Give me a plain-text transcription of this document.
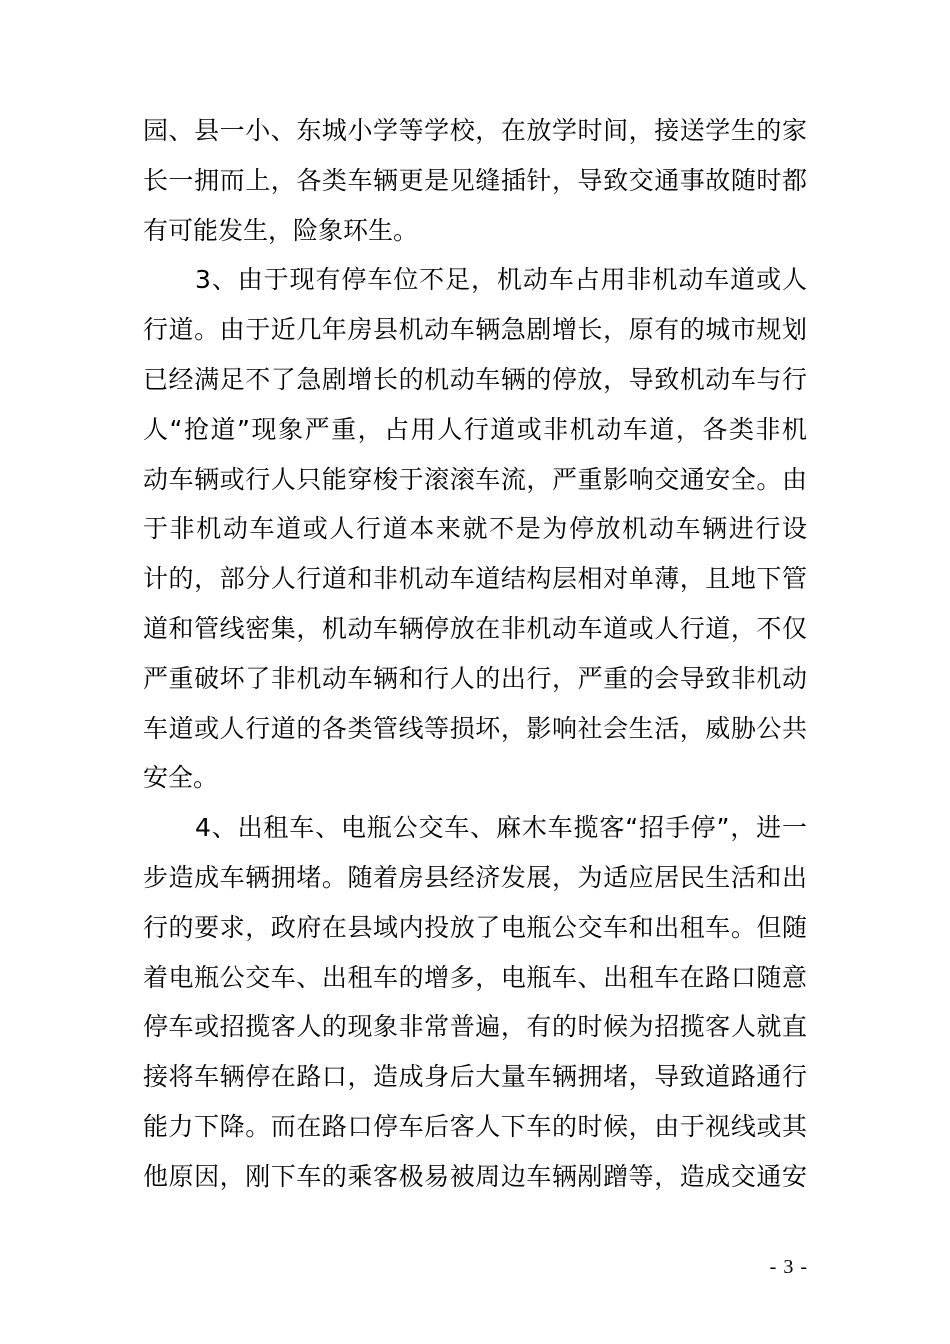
园、县一小、东城小学等学校，在放学时间，接送学生的家
长一拥而上，各类车辆更是见缝插针，导致交通事故随时都
有可能发生，险象环生。
3、由于现有停车位不足，机动车占用非机动车道或人
行道。由于近几年房县机动车辆急剧增长，原有的城市规划
已经满足不了急剧增长的机动车辆的停放，导致机动车与行
人“抢道”现象严重，占用人行道或非机动车道，各类非机
动车辆或行人只能穿梭于滚滚车流，严重影响交通安全。由
于非机动车道或人行道本来就不是为停放机动车辆进行设
计的，部分人行道和非机动车道结构层相对单薄，且地下管
道和管线密集，机动车辆停放在非机动车道或人行道，不仅
严重破坏了非机动车辆和行人的出行，严重的会导致非机动
车道或人行道的各类管线等损坏，影响社会生活，威胁公共
安全。
4、出租车、电瓶公交车、麻木车揽客“招手停”，进一
步造成车辆拥堵。随着房县经济发展，为适应居民生活和出
行的要求，政府在县域内投放了电瓶公交车和出租车。但随
着电瓶公交车、出租车的增多，电瓶车、出租车在路口随意
停车或招揽客人的现象非常普遍，有的时候为招揽客人就直
接将车辆停在路口，造成身后大量车辆拥堵，导致道路通行
能力下降。而在路口停车后客人下车的时候，由于视线或其
他原因，刚下车的乘客极易被周边车辆剐蹭等，造成交通安
- 3 -
